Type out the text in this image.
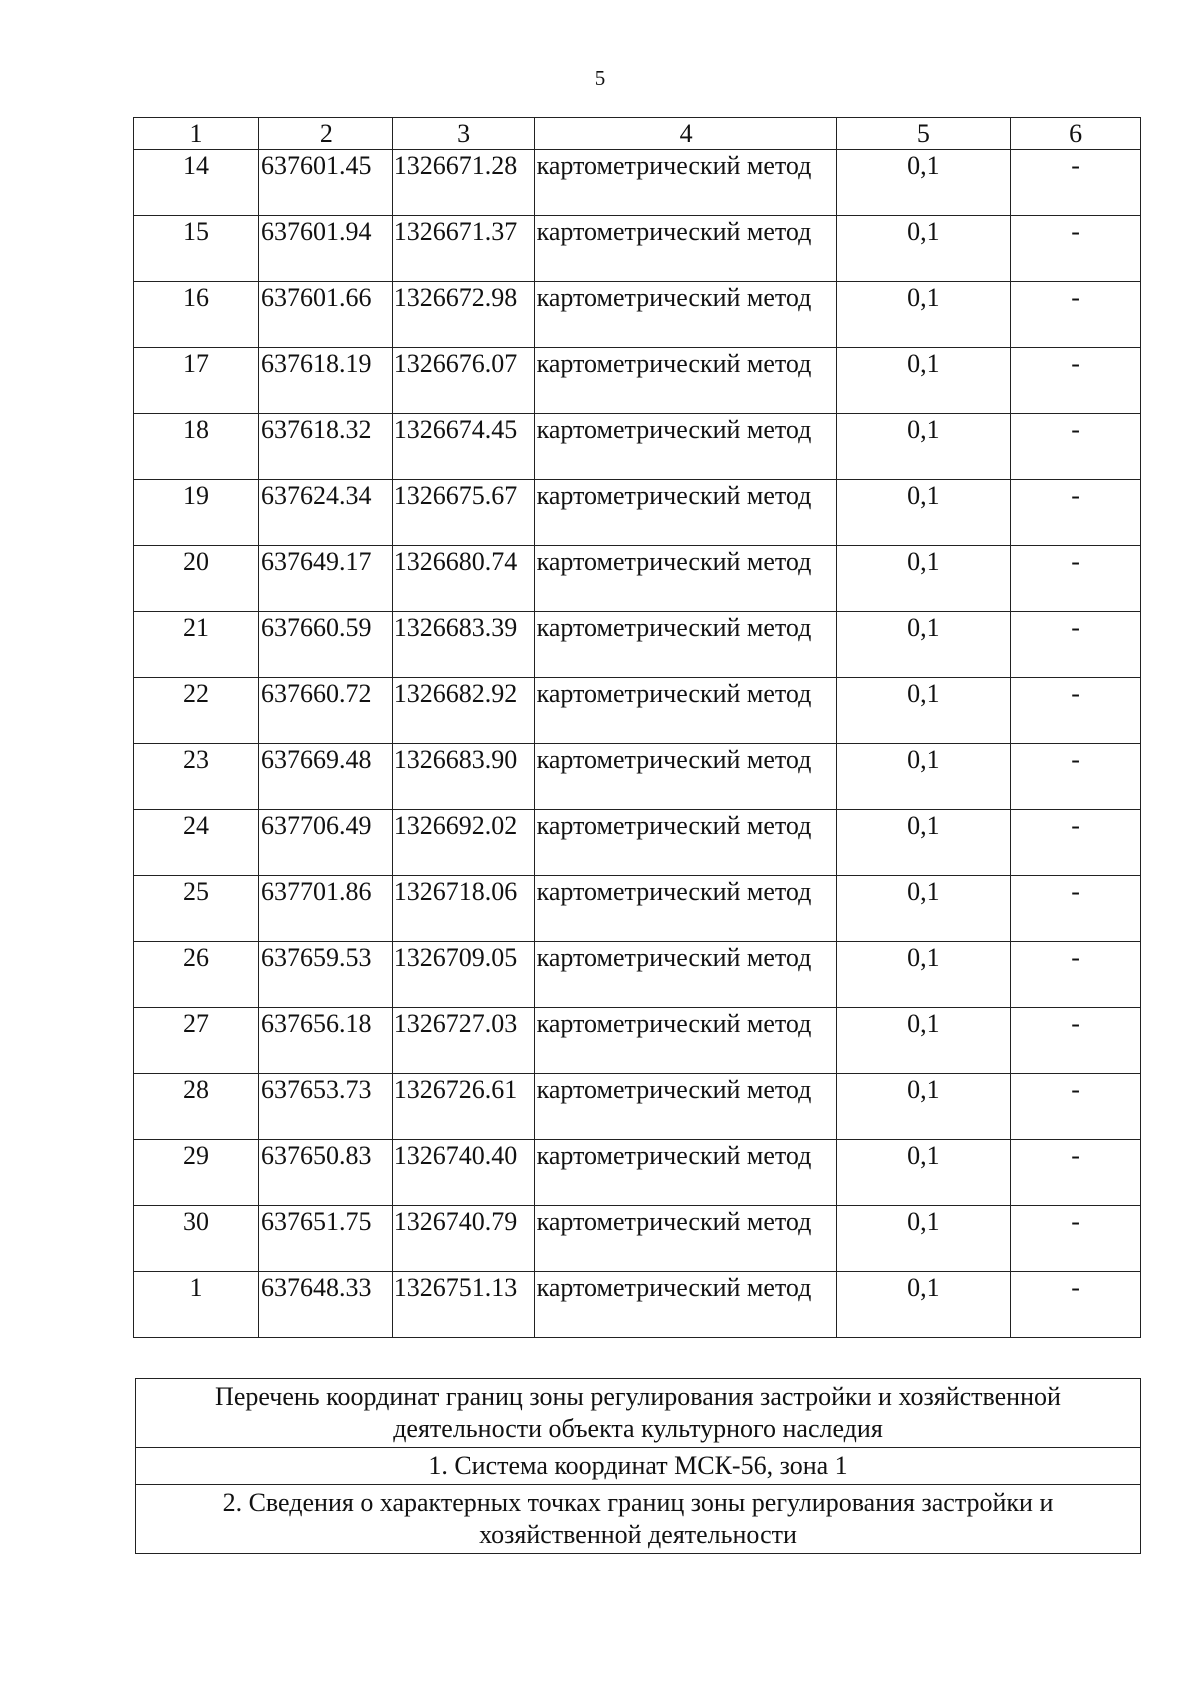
5
1	2	3	4	5	6
14	637601.45	1326671.28	картометрический метод	0,1	-
15	637601.94	1326671.37	картометрический метод	0,1	-
16	637601.66	1326672.98	картометрический метод	0,1	-
17	637618.19	1326676.07	картометрический метод	0,1	-
18	637618.32	1326674.45	картометрический метод	0,1	-
19	637624.34	1326675.67	картометрический метод	0,1	-
20	637649.17	1326680.74	картометрический метод	0,1	-
21	637660.59	1326683.39	картометрический метод	0,1	-
22	637660.72	1326682.92	картометрический метод	0,1	-
23	637669.48	1326683.90	картометрический метод	0,1	-
24	637706.49	1326692.02	картометрический метод	0,1	-
25	637701.86	1326718.06	картометрический метод	0,1	-
26	637659.53	1326709.05	картометрический метод	0,1	-
27	637656.18	1326727.03	картометрический метод	0,1	-
28	637653.73	1326726.61	картометрический метод	0,1	-
29	637650.83	1326740.40	картометрический метод	0,1	-
30	637651.75	1326740.79	картометрический метод	0,1	-
1	637648.33	1326751.13	картометрический метод	0,1	-
Перечень координат границ зоны регулирования застройки и хозяйственной деятельности объекта культурного наследия
1. Система координат МСК-56, зона 1
2. Сведения о характерных точках границ зоны регулирования застройки и хозяйственной деятельности
